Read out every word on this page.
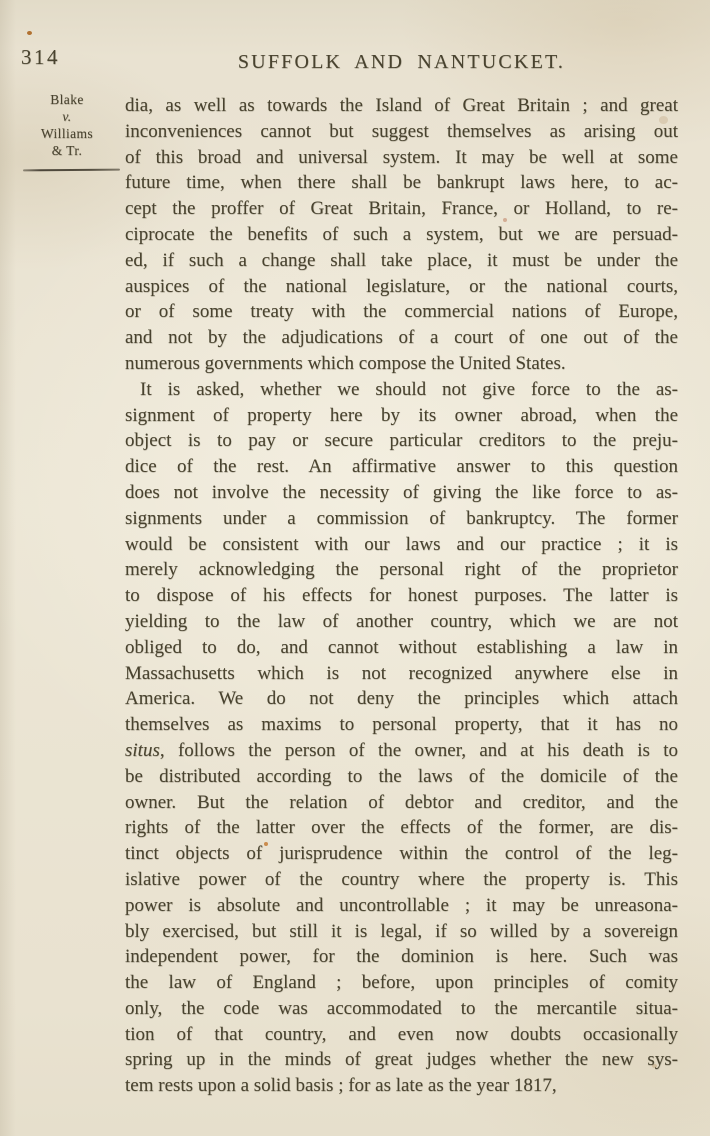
314	SUFFOLK AND NANTUCKET.
Blake
v.
Williams
& Tr.
dia, as well as towards the Island of Great Britain ; and great
inconveniences cannot but suggest themselves as arising out
of this broad and universal system. It may be well at some
future time, when there shall be bankrupt laws here, to ac-
cept the proffer of Great Britain, France, or Holland, to re-
ciprocate the benefits of such a system, but we are persuad-
ed, if such a change shall take place, it must be under the
auspices of the national legislature, or the national courts,
or of some treaty with the commercial nations of Europe,
and not by the adjudications of a court of one out of the
numerous governments which compose the United States.
It is asked, whether we should not give force to the as-
signment of property here by its owner abroad, when the
object is to pay or secure particular creditors to the preju-
dice of the rest. An affirmative answer to this question
does not involve the necessity of giving the like force to as-
signments under a commission of bankruptcy. The former
would be consistent with our laws and our practice ; it is
merely acknowledging the personal right of the proprietor
to dispose of his effects for honest purposes. The latter is
yielding to the law of another country, which we are not
obliged to do, and cannot without establishing a law in
Massachusetts which is not recognized anywhere else in
America. We do not deny the principles which attach
themselves as maxims to personal property, that it has no
situs, follows the person of the owner, and at his death is to
be distributed according to the laws of the domicile of the
owner. But the relation of debtor and creditor, and the
rights of the latter over the effects of the former, are dis-
tinct objects of jurisprudence within the control of the leg-
islative power of the country where the property is. This
power is absolute and uncontrollable ; it may be unreasona-
bly exercised, but still it is legal, if so willed by a sovereign
independent power, for the dominion is here. Such was
the law of England ; before, upon principles of comity
only, the code was accommodated to the mercantile situa-
tion of that country, and even now doubts occasionally
spring up in the minds of great judges whether the new sys-
tem rests upon a solid basis ; for as late as the year 1817,
